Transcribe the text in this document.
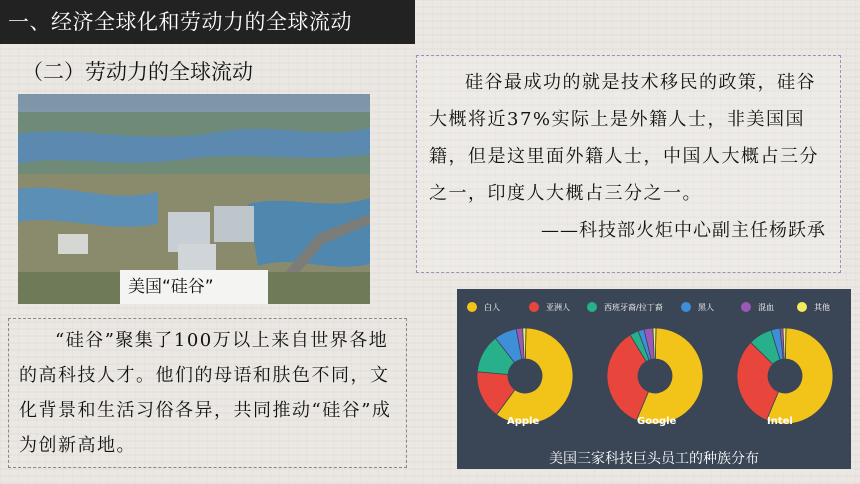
一、经济全球化和劳动力的全球流动
（二）劳动力的全球流动
美国“硅谷”
硅谷最成功的就是技术移民的政策，硅谷大概将近37%实际上是外籍人士，非美国国籍，但是这里面外籍人士，中国人大概占三分之一，印度人大概占三分之一。
——科技部火炬中心副主任杨跃承
“硅谷”聚集了100万以上来自世界各地的高科技人才。他们的母语和肤色不同，文化背景和生活习俗各异，共同推动“硅谷”成为创新高地。
白人	亚洲人	西班牙裔/拉丁裔	黑人	混血	其他
Apple	Google	Intel
美国三家科技巨头员工的种族分布
